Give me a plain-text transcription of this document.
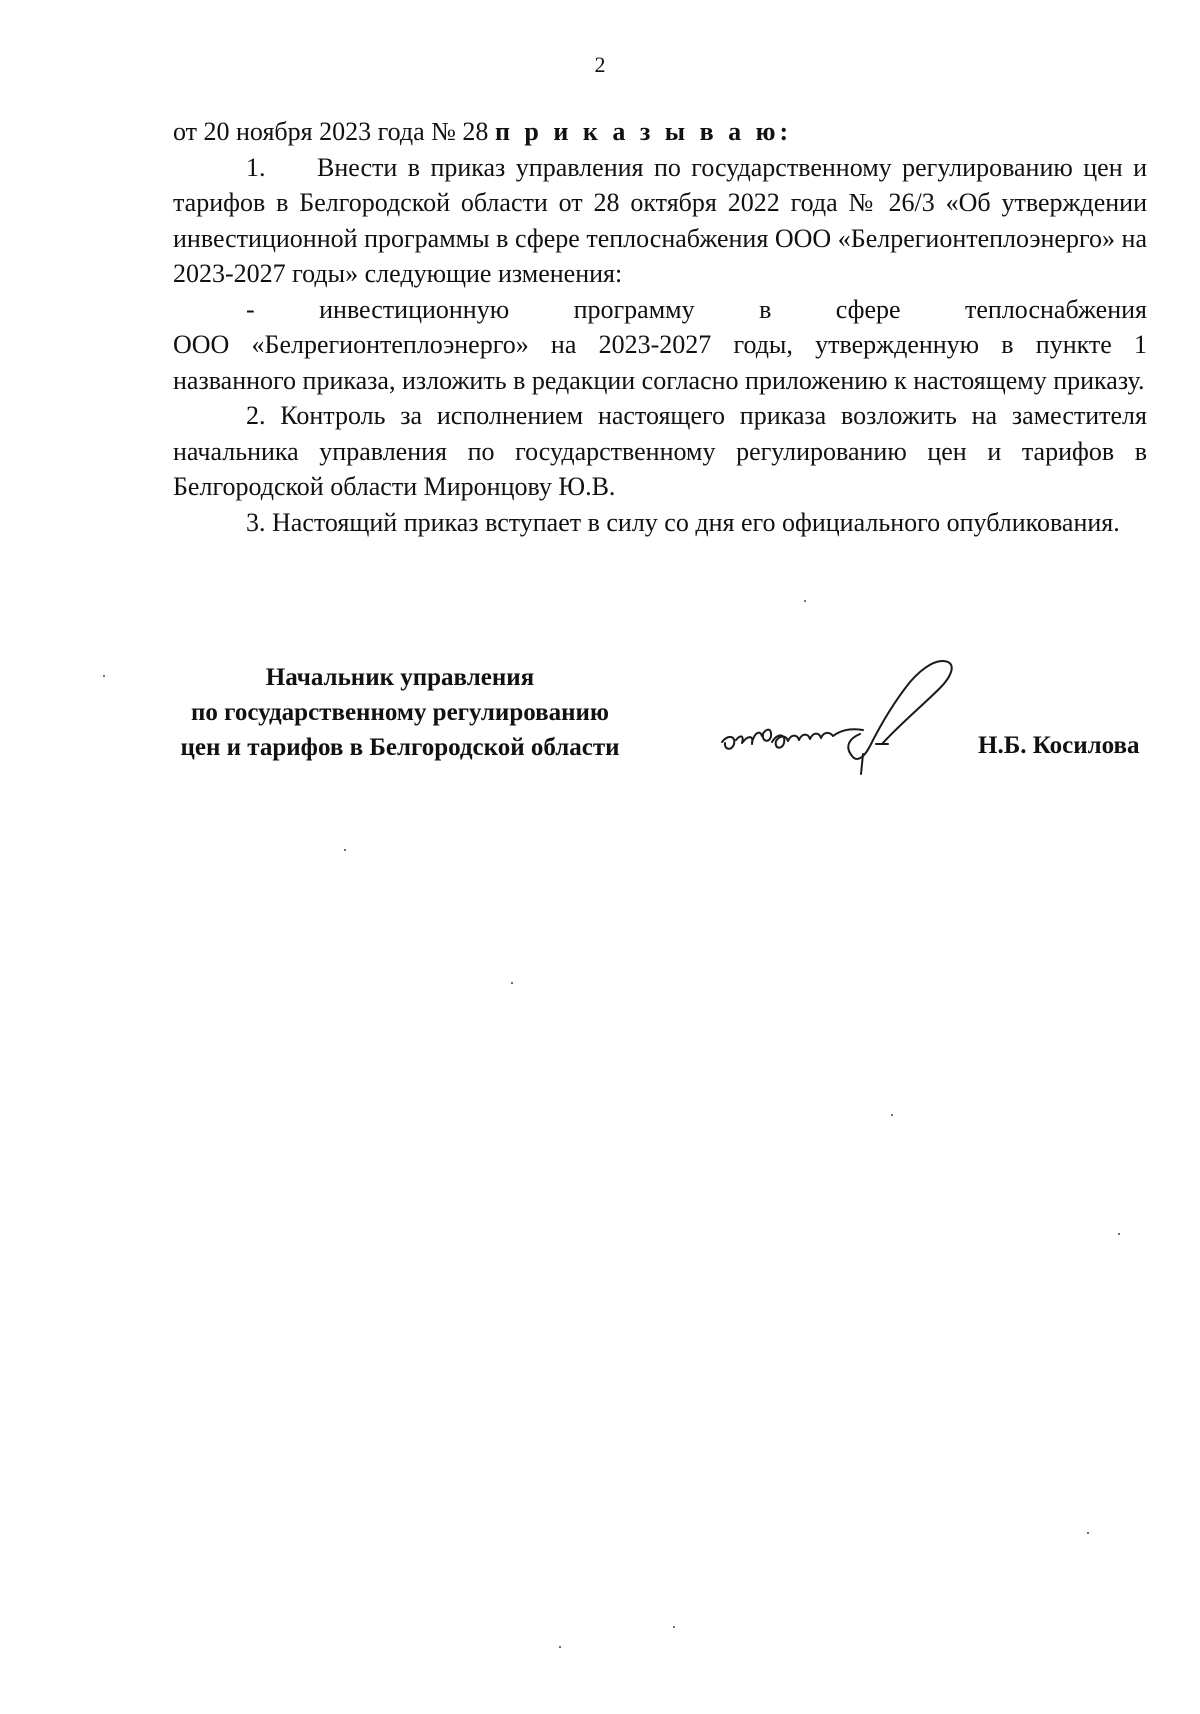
2

от 20 ноября 2023 года № 28 п р и к а з ы в а ю:

1. Внести в приказ управления по государственному регулированию цен и тарифов в Белгородской области от 28 октября 2022 года № 26/3 «Об утверждении инвестиционной программы в сфере теплоснабжения ООО «Белрегионтеплоэнерго» на 2023-2027 годы» следующие изменения:

- инвестиционную программу в сфере теплоснабжения

ООО «Белрегионтеплоэнерго» на 2023-2027 годы, утвержденную в пункте 1 названного приказа, изложить в редакции согласно приложению к настоящему приказу.

2. Контроль за исполнением настоящего приказа возложить на заместителя начальника управления по государственному регулированию цен и тарифов в Белгородской области Миронцову Ю.В.

3. Настоящий приказ вступает в силу со дня его официального опубликования.

Начальник управления
по государственному регулированию
цен и тарифов в Белгородской области	Н.Б. Косилова
